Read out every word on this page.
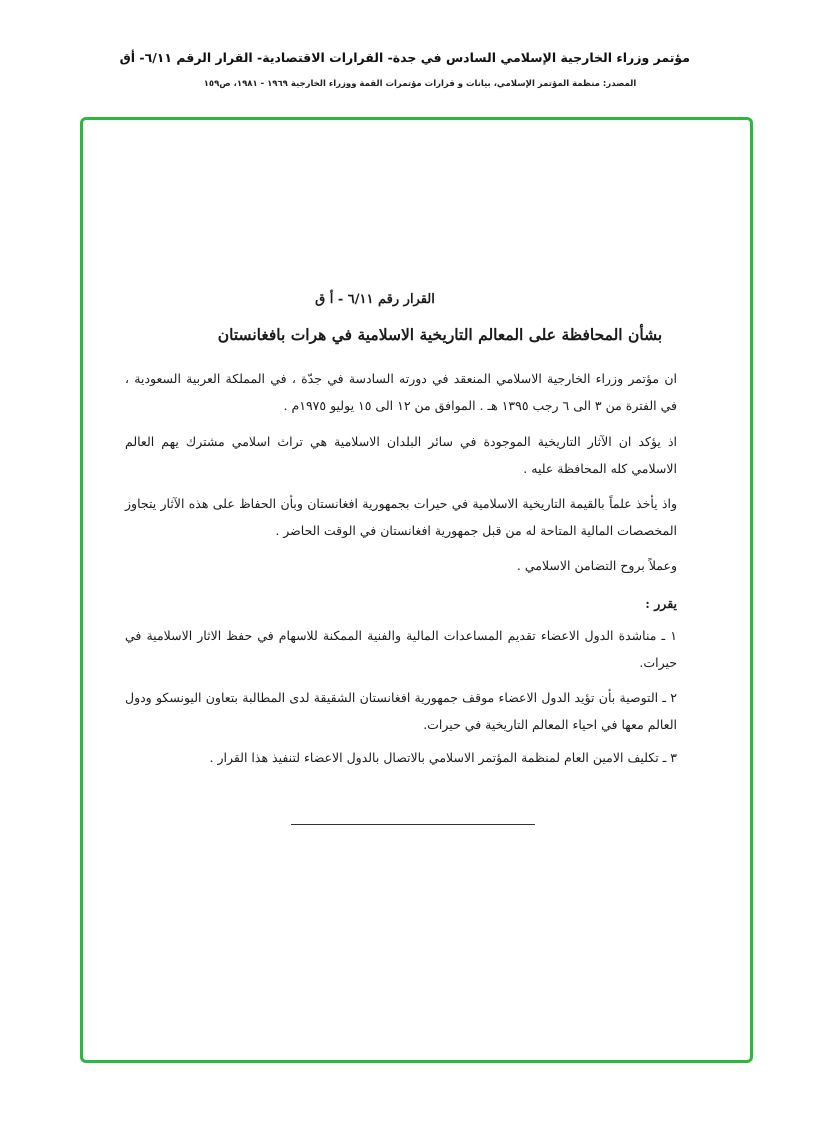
مؤتمر وزراء الخارجية الإسلامي السادس في جدة- القرارات الاقتصادية- القرار الرقم ٦/١١- أق
المصدر: منظمة المؤتمر الإسلامي، بيانات و قرارات مؤتمرات القمة ووزراء الخارجية ١٩٦٩ - ١٩٨١، ص١٥٩
القرار رقم ٦/١١ - أ ق
بشأن المحافظة على المعالم التاريخية الاسلامية في هرات بافغانستان
ان مؤتمر وزراء الخارجية الاسلامي المنعقد في دورته السادسة في جدّة ، في المملكة العربية السعودية ، في الفترة من ٣ الى ٦ رجب ١٣٩٥ هـ . الموافق من ١٢ الى ١٥ يوليو ١٩٧٥م .
اذ يؤكد ان الآثار التاريخية الموجودة في سائر البلدان الاسلامية هي تراث اسلامي مشترك يهم العالم الاسلامي كله المحافظة عليه .
واذ يأخذ علماً بالقيمة التاريخية الاسلامية في حيرات بجمهورية افغانستان وبأن الحفاظ على هذه الآثار يتجاوز المخصصات المالية المتاحة له من قبل جمهورية افغانستان في الوقت الحاضر .
وعملاً بروح التضامن الاسلامي .
يقرر :
١ ـ مناشدة الدول الاعضاء تقديم المساعدات المالية والفنية الممكنة للاسهام في حفظ الاثار الاسلامية في حيرات.
٢ ـ التوصية بأن تؤيد الدول الاعضاء موقف جمهورية افغانستان الشقيقة لدى المطالبة بتعاون اليونسكو ودول العالم معها في احياء المعالم التاريخية في حيرات.
٣ ـ تكليف الامين العام لمنظمة المؤتمر الاسلامي بالاتصال بالدول الاعضاء لتنفيذ هذا القرار .
